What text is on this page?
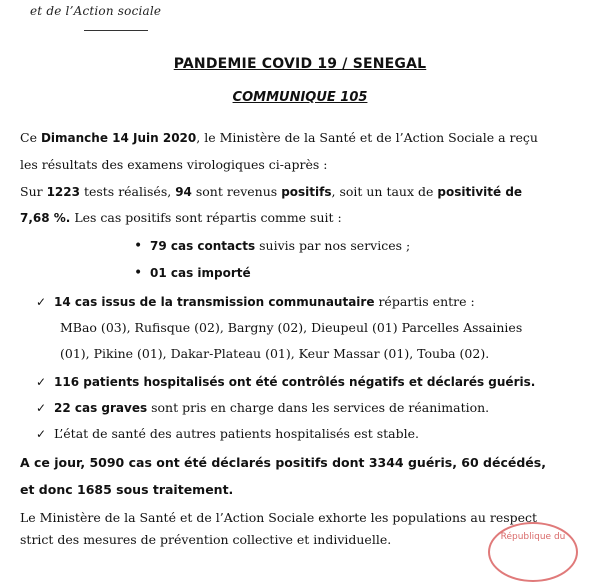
et de l’Action sociale
PANDEMIE COVID 19 / SENEGAL
COMMUNIQUE 105
Ce Dimanche 14 Juin 2020, le Ministère de la Santé et de l’Action Sociale a reçu
les résultats des examens virologiques ci-après :
Sur 1223 tests réalisés, 94 sont revenus positifs, soit un taux de positivité de
7,68 %. Les cas positifs sont répartis comme suit :
• 79 cas contacts suivis par nos services ;
• 01 cas importé
✓ 14 cas issus de la transmission communautaire répartis entre :
MBao (03), Rufisque (02), Bargny (02), Dieupeul (01) Parcelles Assainies
(01), Pikine (01), Dakar-Plateau (01), Keur Massar (01), Touba (02).
✓ 116 patients hospitalisés ont été contrôlés négatifs et déclarés guéris.
✓ 22 cas graves sont pris en charge dans les services de réanimation.
✓ L’état de santé des autres patients hospitalisés est stable.
A ce jour, 5090 cas ont été déclarés positifs dont 3344 guéris, 60 décédés,
et donc 1685 sous traitement.
Le Ministère de la Santé et de l’Action Sociale exhorte les populations au respect
strict des mesures de prévention collective et individuelle.	République du
